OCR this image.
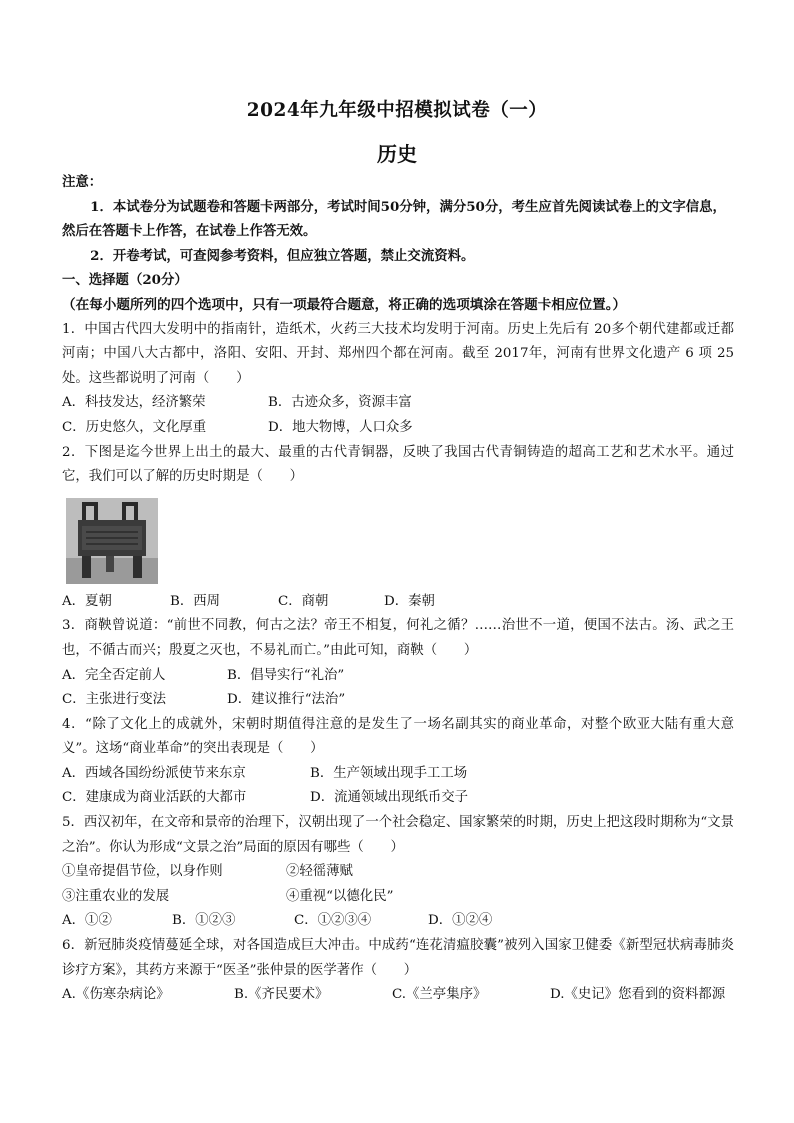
2024年九年级中招模拟试卷（一）
历史

注意：

1．本试卷分为试题卷和答题卡两部分，考试时间50分钟，满分50分，考生应首先阅读试卷上的文字信息，然后在答题卡上作答，在试卷上作答无效。

2．开卷考试，可查阅参考资料，但应独立答题，禁止交流资料。

一、选择题（20分）

（在每小题所列的四个选项中，只有一项最符合题意，将正确的选项填涂在答题卡相应位置。）

1．中国古代四大发明中的指南针，造纸术，火药三大技术均发明于河南。历史上先后有 20多个朝代建都或迁都河南；中国八大古都中，洛阳、安阳、开封、郑州四个都在河南。截至 2017年，河南有世界文化遗产 6 项 25处。这些都说明了河南（　　）

A．科技发达，经济繁荣	B．古迹众多，资源丰富
C．历史悠久，文化厚重	D．地大物博，人口众多

2．下图是迄今世界上出土的最大、最重的古代青铜器，反映了我国古代青铜铸造的超高工艺和艺术水平。通过它，我们可以了解的历史时期是（　　）

A．夏朝	B．西周	C．商朝	D．秦朝

3．商鞅曾说道：“前世不同教，何古之法？帝王不相复，何礼之循？……治世不一道，便国不法古。汤、武之王也，不循古而兴；殷夏之灭也，不易礼而亡。”由此可知，商鞅（　　）

A．完全否定前人	B．倡导实行“礼治”
C．主张进行变法	D．建议推行“法治”

4．“除了文化上的成就外，宋朝时期值得注意的是发生了一场名副其实的商业革命，对整个欧亚大陆有重大意义”。这场“商业革命”的突出表现是（　　）

A．西域各国纷纷派使节来东京	B．生产领域出现手工工场
C．建康成为商业活跃的大都市	D．流通领域出现纸币交子

5．西汉初年，在文帝和景帝的治理下，汉朝出现了一个社会稳定、国家繁荣的时期，历史上把这段时期称为“文景之治”。你认为形成“文景之治”局面的原因有哪些（　　）

①皇帝提倡节俭，以身作则	②轻徭薄赋
③注重农业的发展	④重视“以德化民”
A．①②	B．①②③	C．①②③④	D．①②④

6．新冠肺炎疫情蔓延全球，对各国造成巨大冲击。中成药“连花清瘟胶囊”被列入国家卫健委《新型冠状病毒肺炎诊疗方案》，其药方来源于“医圣”张仲景的医学著作（　　）

A.《伤寒杂病论》	B.《齐民要术》	C.《兰亭集序》	D.《史记》 您看到的资料都源
